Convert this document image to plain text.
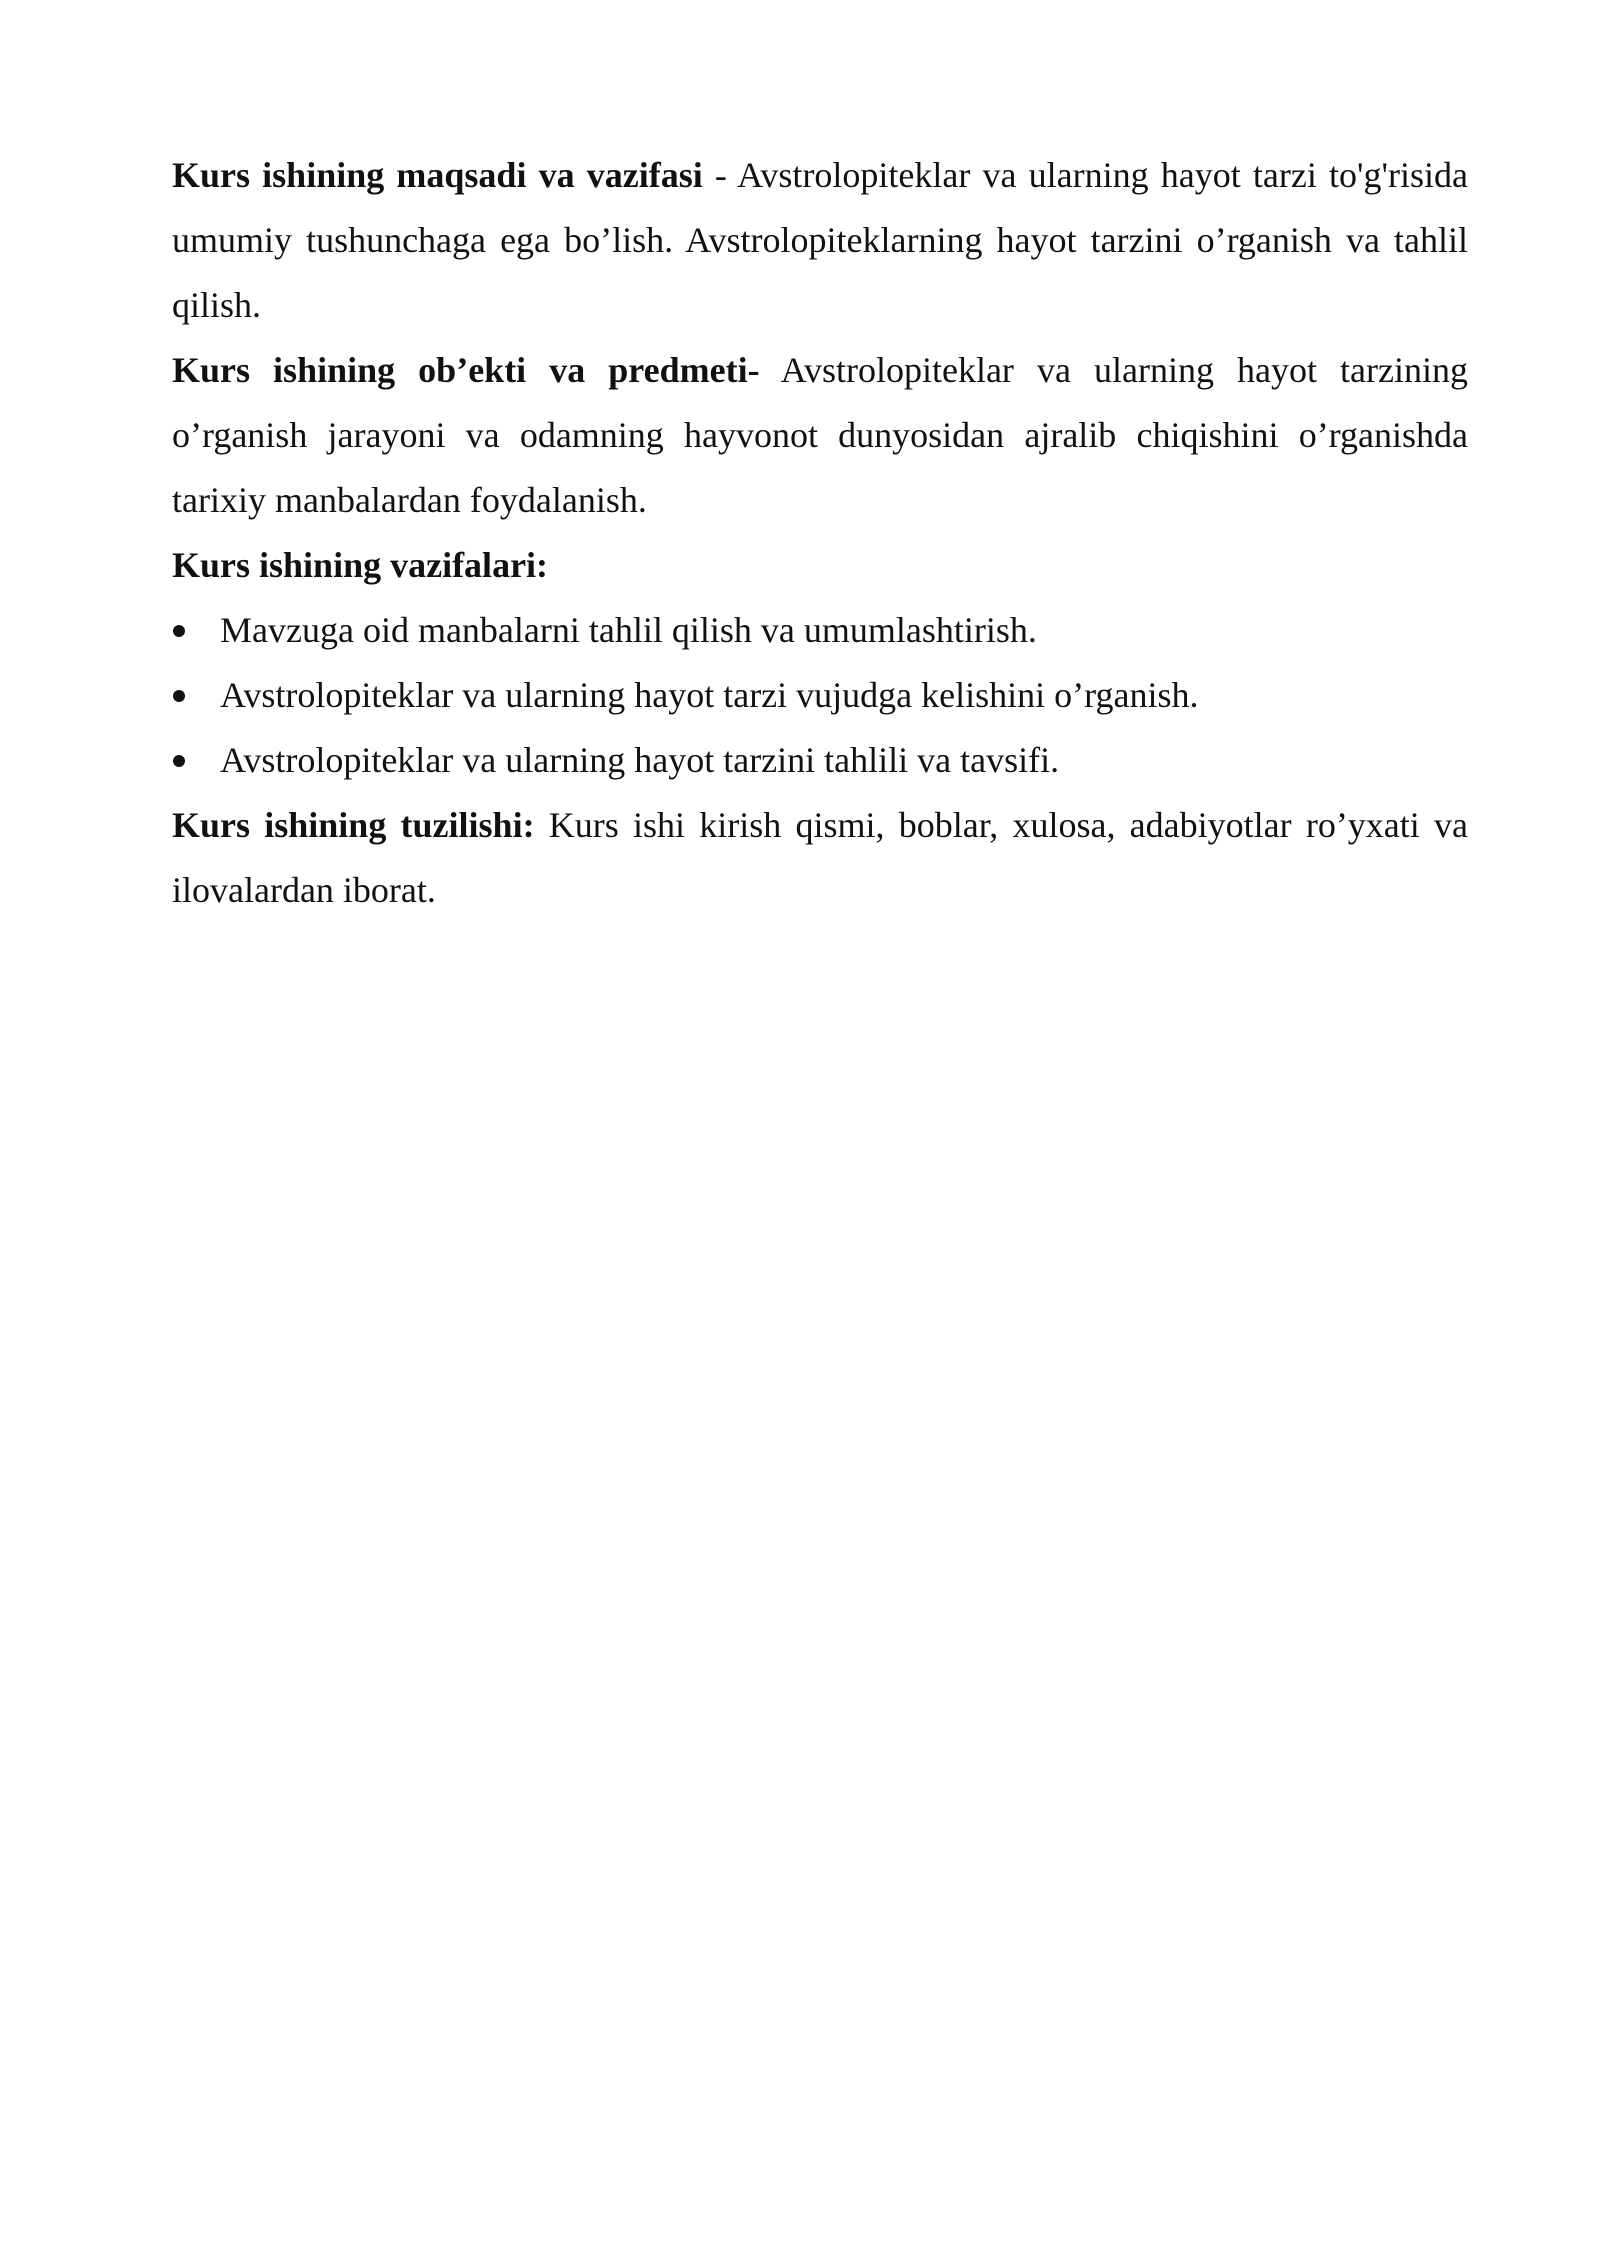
Kurs ishining maqsadi va vazifasi - Avstrolopiteklar va ularning hayot tarzi to'g'risida umumiy tushunchaga ega bo’lish. Avstrolopiteklarning hayot tarzini o’rganish va tahlil qilish.

Kurs ishining ob’ekti va predmeti- Avstrolopiteklar va ularning hayot tarzining o’rganish jarayoni va odamning hayvonot dunyosidan ajralib chiqishini o’rganishda tarixiy manbalardan foydalanish.

Kurs ishining vazifalari:

Mavzuga oid manbalarni tahlil qilish va umumlashtirish.
Avstrolopiteklar va ularning hayot tarzi vujudga kelishini o’rganish.
Avstrolopiteklar va ularning hayot tarzini tahlili va tavsifi.

Kurs ishining tuzilishi: Kurs ishi kirish qismi, boblar, xulosa, adabiyotlar ro’yxati va ilovalardan iborat.
